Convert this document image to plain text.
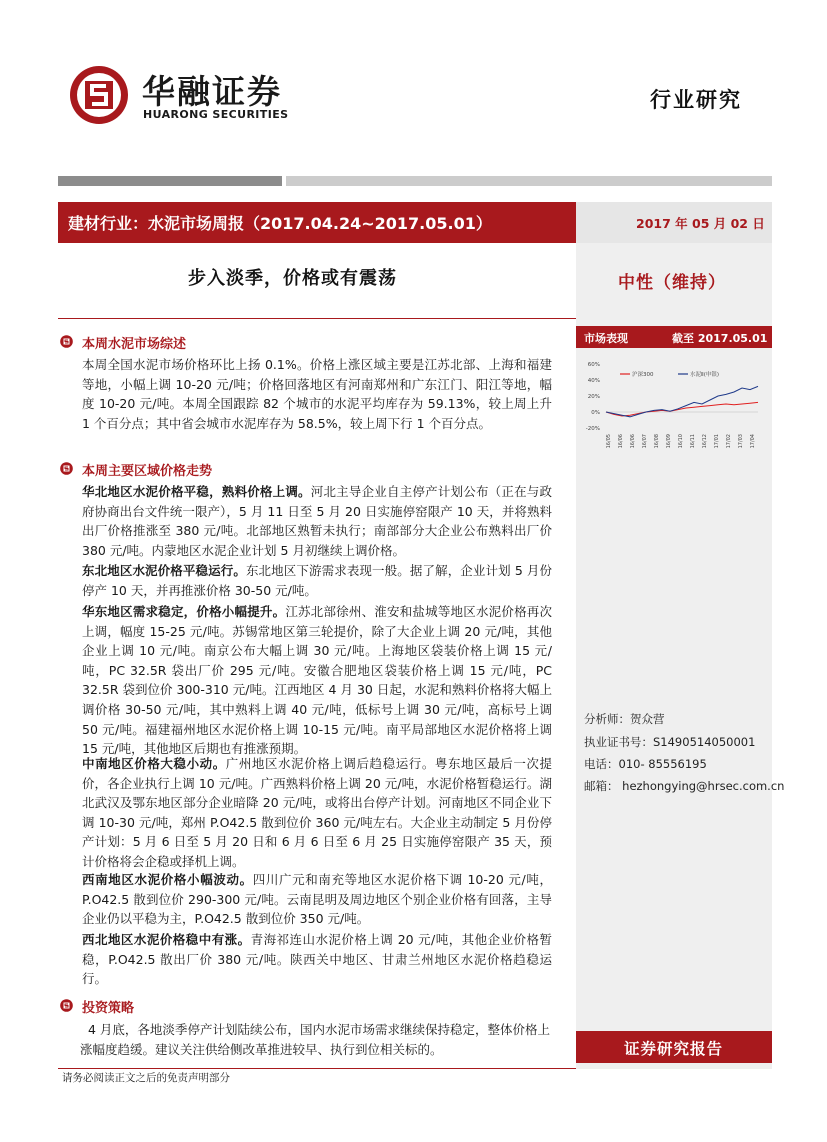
华融证券
HUARONG SECURITIES
行业研究
建材行业：水泥市场周报（2017.04.24~2017.05.01）	2017 年 05 月 02 日
步入淡季，价格或有震荡	中性（维持）
市场表现	截至 2017.05.01
60%
40%
20%
0%
-20%
沪深300	水泥Ⅱ(申银)
16/05 16/06 16/06 16/07 16/08 16/09 16/10 16/11 16/12 17/01 17/02 17/03 17/04
分析师：贺众营
执业证书号：S1490514050001
电话：010- 85556195
邮箱： hezhongying@hrsec.com.cn
证券研究报告
请务必阅读正文之后的免责声明部分
本周水泥市场综述
本周全国水泥市场价格环比上扬 0.1%。价格上涨区域主要是江苏北部、上海和福建等地，小幅上调 10-20 元/吨；价格回落地区有河南郑州和广东江门、阳江等地，幅度 10-20 元/吨。本周全国跟踪 82 个城市的水泥平均库存为 59.13%，较上周上升 1 个百分点；其中省会城市水泥库存为 58.5%，较上周下行 1 个百分点。
本周主要区域价格走势
华北地区水泥价格平稳，熟料价格上调。河北主导企业自主停产计划公布（正在与政府协商出台文件统一限产），5 月 11 日至 5 月 20 日实施停窑限产 10 天，并将熟料出厂价格推涨至 380 元/吨。北部地区熟暂未执行；南部部分大企业公布熟料出厂价 380 元/吨。内蒙地区水泥企业计划 5 月初继续上调价格。
东北地区水泥价格平稳运行。东北地区下游需求表现一般。据了解，企业计划 5 月份停产 10 天，并再推涨价格 30-50 元/吨。
华东地区需求稳定，价格小幅提升。江苏北部徐州、淮安和盐城等地区水泥价格再次上调，幅度 15-25 元/吨。苏锡常地区第三轮提价，除了大企业上调 20 元/吨，其他企业上调 10 元/吨。南京公布大幅上调 30 元/吨。上海地区袋装价格上调 15 元/吨，PC 32.5R 袋出厂价 295 元/吨。安徽合肥地区袋装价格上调 15 元/吨，PC 32.5R 袋到位价 300-310 元/吨。江西地区 4 月 30 日起，水泥和熟料价格将大幅上调价格 30-50 元/吨，其中熟料上调 40 元/吨，低标号上调 30 元/吨，高标号上调 50 元/吨。福建福州地区水泥价格上调 10-15 元/吨。南平局部地区水泥价格将上调 15 元/吨，其他地区后期也有推涨预期。
中南地区价格大稳小动。广州地区水泥价格上调后趋稳运行。粤东地区最后一次提价，各企业执行上调 10 元/吨。广西熟料价格上调 20 元/吨，水泥价格暂稳运行。湖北武汉及鄂东地区部分企业暗降 20 元/吨，或将出台停产计划。河南地区不同企业下调 10-30 元/吨，郑州 P.O42.5 散到位价 360 元/吨左右。大企业主动制定 5 月份停产计划：5 月 6 日至 5 月 20 日和 6 月 6 日至 6 月 25 日实施停窑限产 35 天，预计价格将会企稳或择机上调。
西南地区水泥价格小幅波动。四川广元和南充等地区水泥价格下调 10-20 元/吨，P.O42.5 散到位价 290-300 元/吨。云南昆明及周边地区个别企业价格有回落，主导企业仍以平稳为主，P.O42.5 散到位价 350 元/吨。
西北地区水泥价格稳中有涨。青海祁连山水泥价格上调 20 元/吨，其他企业价格暂稳，P.O42.5 散出厂价 380 元/吨。陕西关中地区、甘肃兰州地区水泥价格趋稳运行。
投资策略
4 月底，各地淡季停产计划陆续公布，国内水泥市场需求继续保持稳定，整体价格上涨幅度趋缓。建议关注供给侧改革推进较早、执行到位相关标的。
